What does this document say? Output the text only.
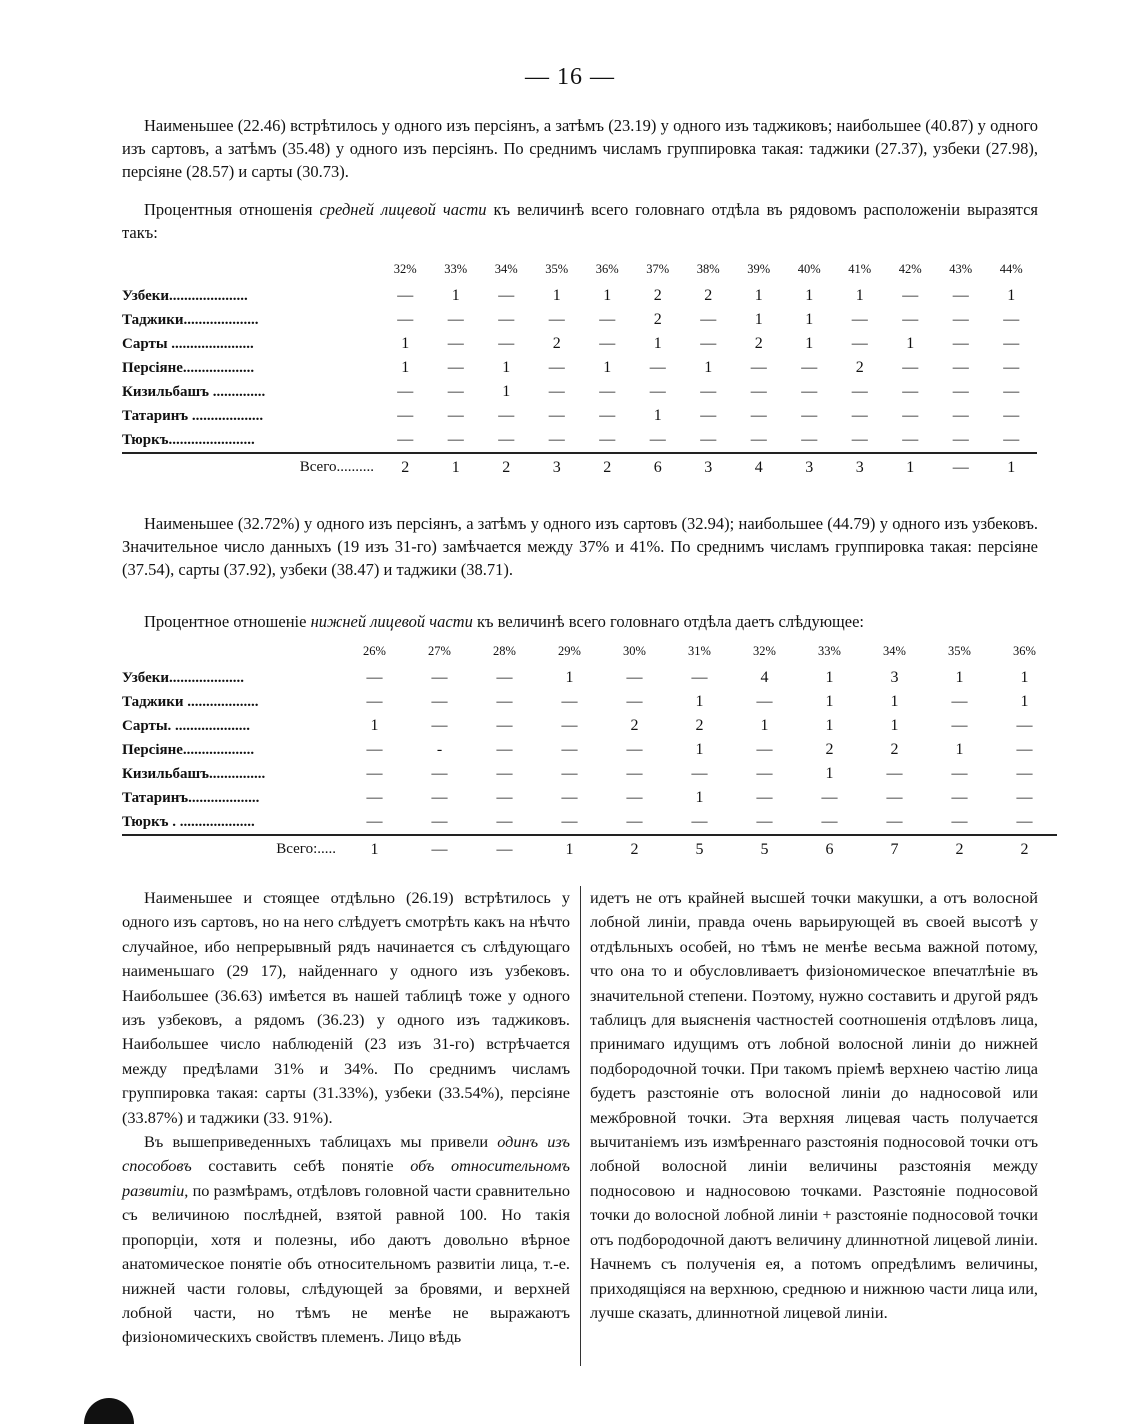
— 16 —

Наименьшее (22.46) встрѣтилось у одного изъ персіянъ, а затѣмъ (23.19) у одного изъ таджиковъ; наибольшее (40.87) у одного изъ сартовъ, а затѣмъ (35.48) у одного изъ персіянъ. По среднимъ числамъ группировка такая: таджики (27.37), узбеки (27.98), персіяне (28.57) и сарты (30.73).

Процентныя отношенія средней лицевой части къ величинѣ всего головнаго отдѣла въ рядовомъ расположеніи выразятся такъ:

	32%	33%	34%	35%	36%	37%	38%	39%	40%	41%	42%	43%	44%
Узбеки.....................	—	1	—	1	1	2	2	1	1	1	—	—	1
Таджики....................	—	—	—	—	—	2	—	1	1	—	—	—	—
Сарты ......................	1	—	—	2	—	1	—	2	1	—	1	—	—
Персіяне...................	1	—	1	—	1	—	1	—	—	2	—	—	—
Кизильбашъ ..............	—	—	1	—	—	—	—	—	—	—	—	—	—
Татаринъ ...................	—	—	—	—	—	1	—	—	—	—	—	—	—
Тюркъ.......................	—	—	—	—	—	—	—	—	—	—	—	—	—
Всего..........	2	1	2	3	2	6	3	4	3	3	1	—	1

Наименьшее (32.72%) у одного изъ персіянъ, а затѣмъ у одного изъ сартовъ (32.94); наибольшее (44.79) у одного изъ узбековъ. Значительное число данныхъ (19 изъ 31-го) замѣчается между 37% и 41%. По среднимъ числамъ группировка такая: персіяне (37.54), сарты (37.92), узбеки (38.47) и таджики (38.71).

Процентное отношеніе нижней лицевой части къ величинѣ всего головнаго отдѣла даетъ слѣдующее:

	26%	27%	28%	29%	30%	31%	32%	33%	34%	35%	36%
Узбеки....................	—	—	—	1	—	—	4	1	3	1	1
Таджики ...................	—	—	—	—	—	1	—	1	1	—	1
Сарты. ....................	1	—	—	—	2	2	1	1	1	—	—
Персіяне...................	—	-	—	—	—	1	—	2	2	1	—
Кизильбашъ...............	—	—	—	—	—	—	—	1	—	—	—
Татаринъ...................	—	—	—	—	—	1	—	—	—	—	—
Тюркъ . ....................	—	—	—	—	—	—	—	—	—	—	—
Всего:.....	1	—	—	1	2	5	5	6	7	2	2

Наименьшее и стоящее отдѣльно (26.19) встрѣтилось у одного изъ сартовъ, но на него слѣдуетъ смотрѣть какъ на нѣчто случайное, ибо непрерывный рядъ начинается съ слѣдующаго наименьшаго (29 17), найденнаго у одного изъ узбековъ. Наибольшее (36.63) имѣется въ нашей таблицѣ тоже у одного изъ узбековъ, а рядомъ (36.23) у одного изъ таджиковъ. Наибольшее число наблюденій (23 изъ 31-го) встрѣчается между предѣлами 31% и 34%. По среднимъ числамъ группировка такая: сарты (31.33%), узбеки (33.54%), персіяне (33.87%) и таджики (33. 91%).

Въ вышеприведенныхъ таблицахъ мы привели одинъ изъ способовъ составить себѣ понятіе объ относительномъ развитіи, по размѣрамъ, отдѣловъ головной части сравнительно съ величиною послѣдней, взятой равной 100. Но такія пропорціи, хотя и полезны, ибо даютъ довольно вѣрное анатомическое понятіе объ относительномъ развитіи лица, т.-е. нижней части головы, слѣдующей за бровями, и верхней лобной части, но тѣмъ не менѣе не выражаютъ физіономическихъ свойствъ племенъ. Лицо вѣдь

идетъ не отъ крайней высшей точки макушки, а отъ волосной лобной линіи, правда очень варьирующей въ своей высотѣ у отдѣльныхъ особей, но тѣмъ не менѣе весьма важной потому, что она то и обусловливаетъ физіономическое впечатлѣніе въ значительной степени. Поэтому, нужно составить и другой рядъ таблицъ для выясненія частностей соотношенія отдѣловъ лица, принимаго идущимъ отъ лобной волосной линіи до нижней подбородочной точки. При такомъ пріемѣ верхнею частію лица будетъ разстояніе отъ волосной линіи до надносовой или межбровной точки. Эта верхняя лицевая часть получается вычитаніемъ изъ измѣреннаго разстоянія подносовой точки отъ лобной волосной линіи величины разстоянія между подносовою и надносовою точками. Разстояніе подносовой точки до волосной лобной линіи + разстояніе подносовой точки отъ подбородочной даютъ величину длиннотной лицевой линіи. Начнемъ съ полученія ея, а потомъ опредѣлимъ величины, приходящіяся на верхнюю, среднюю и нижнюю части лица или, лучше сказать, длиннотной лицевой линіи.
